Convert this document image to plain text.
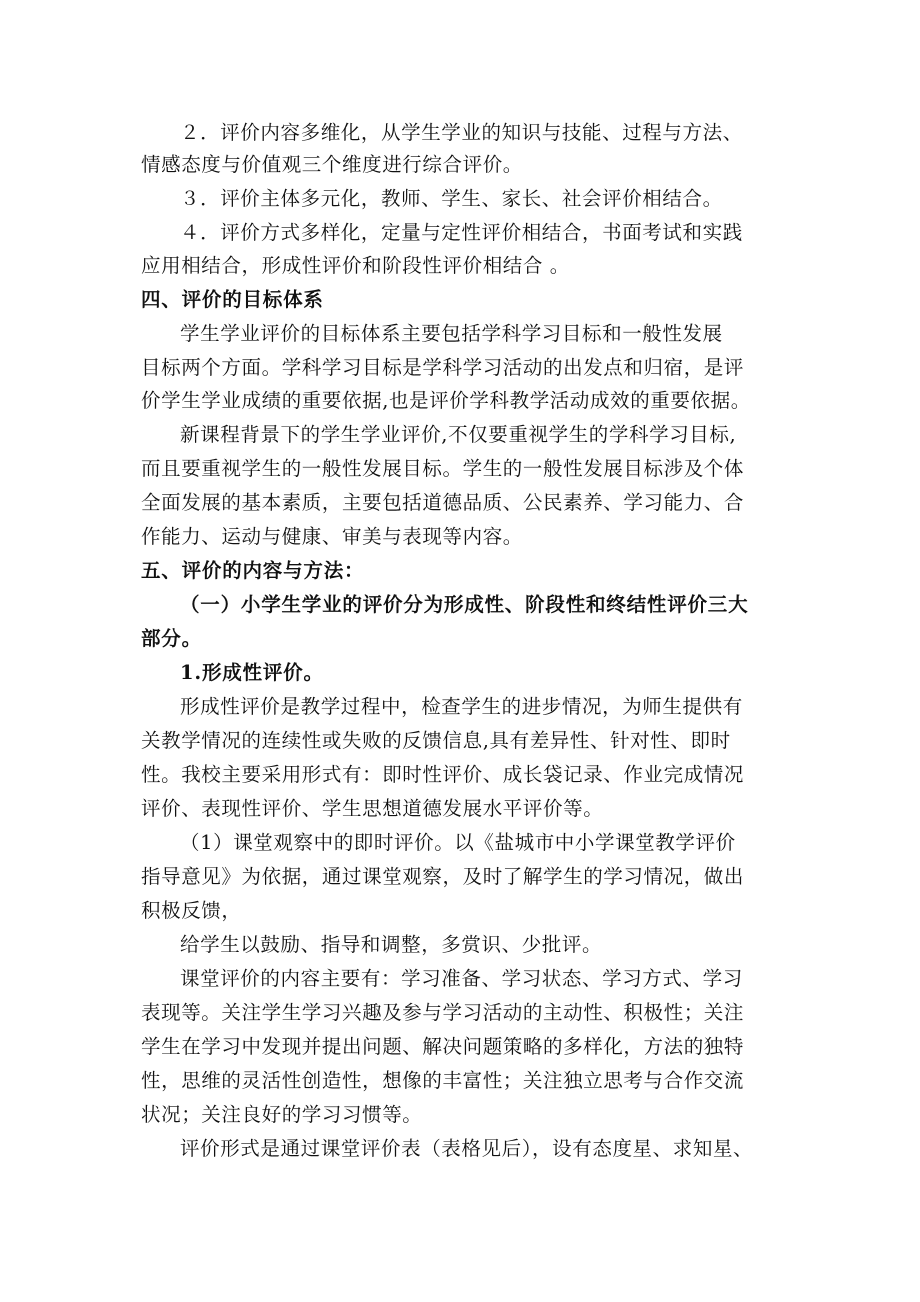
２．评价内容多维化，从学生学业的知识与技能、过程与方法、
情感态度与价值观三个维度进行综合评价。
３．评价主体多元化，教师、学生、家长、社会评价相结合。
４．评价方式多样化，定量与定性评价相结合，书面考试和实践
应用相结合，形成性评价和阶段性评价相结合 。
四、评价的目标体系
学生学业评价的目标体系主要包括学科学习目标和一般性发展
目标两个方面。学科学习目标是学科学习活动的出发点和归宿，是评
价学生学业成绩的重要依据,也是评价学科教学活动成效的重要依据。
新课程背景下的学生学业评价,不仅要重视学生的学科学习目标,
而且要重视学生的一般性发展目标。学生的一般性发展目标涉及个体
全面发展的基本素质，主要包括道德品质、公民素养、学习能力、合
作能力、运动与健康、审美与表现等内容。
五、评价的内容与方法：
（一）小学生学业的评价分为形成性、阶段性和终结性评价三大
部分。
1.形成性评价。
形成性评价是教学过程中，检查学生的进步情况，为师生提供有
关教学情况的连续性或失败的反馈信息,具有差异性、针对性、即时
性。我校主要采用形式有：即时性评价、成长袋记录、作业完成情况
评价、表现性评价、学生思想道德发展水平评价等。
（1）课堂观察中的即时评价。以《盐城市中小学课堂教学评价
指导意见》为依据，通过课堂观察，及时了解学生的学习情况，做出
积极反馈，
给学生以鼓励、指导和调整，多赏识、少批评。
课堂评价的内容主要有：学习准备、学习状态、学习方式、学习
表现等。关注学生学习兴趣及参与学习活动的主动性、积极性；关注
学生在学习中发现并提出问题、解决问题策略的多样化，方法的独特
性，思维的灵活性创造性，想像的丰富性；关注独立思考与合作交流
状况；关注良好的学习习惯等。
评价形式是通过课堂评价表（表格见后），设有态度星、求知星、
